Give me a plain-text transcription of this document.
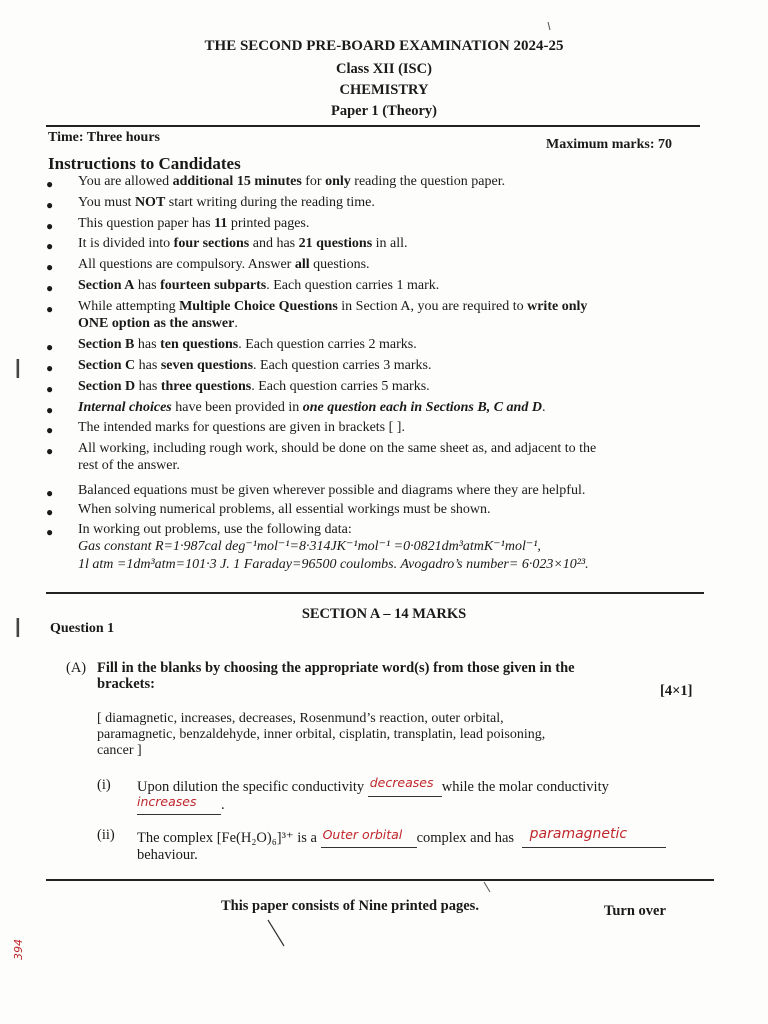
THE SECOND PRE-BOARD EXAMINATION 2024-25
Class XII (ISC)
CHEMISTRY
Paper 1 (Theory)
Time: Three hours	Maximum marks: 70
Instructions to Candidates
● You are allowed additional 15 minutes for only reading the question paper.
● You must NOT start writing during the reading time.
● This question paper has 11 printed pages.
● It is divided into four sections and has 21 questions in all.
● All questions are compulsory. Answer all questions.
● Section A has fourteen subparts. Each question carries 1 mark.
● While attempting Multiple Choice Questions in Section A, you are required to write only
ONE option as the answer.
● Section B has ten questions. Each question carries 2 marks.
● Section C has seven questions. Each question carries 3 marks.
● Section D has three questions. Each question carries 5 marks.
● Internal choices have been provided in one question each in Sections B, C and D.
● The intended marks for questions are given in brackets [ ].
● All working, including rough work, should be done on the same sheet as, and adjacent to the
rest of the answer.
● Balanced equations must be given wherever possible and diagrams where they are helpful.
● When solving numerical problems, all essential workings must be shown.
● In working out problems, use the following data:
Gas constant R=1·987cal deg⁻¹mol⁻¹=8·314JK⁻¹mol⁻¹ =0·0821dm³atmK⁻¹mol⁻¹,
1l atm =1dm³atm=101·3 J. 1 Faraday=96500 coulombs. Avogadro’s number= 6·023×10²³.
SECTION A – 14 MARKS
Question 1
(A) Fill in the blanks by choosing the appropriate word(s) from those given in the
brackets:	[4×1]
[ diamagnetic, increases, decreases, Rosenmund’s reaction, outer orbital,
paramagnetic, benzaldehyde, inner orbital, cisplatin, transplatin, lead poisoning,
cancer ]
(i) Upon dilution the specific conductivity decreases while the molar conductivity
increases .
(ii) The complex [Fe(H₂O)₆]³⁺ is a Outer orbital complex and has paramagnetic

behaviour.
This paper consists of Nine printed pages.	Turn over
I
I
394
